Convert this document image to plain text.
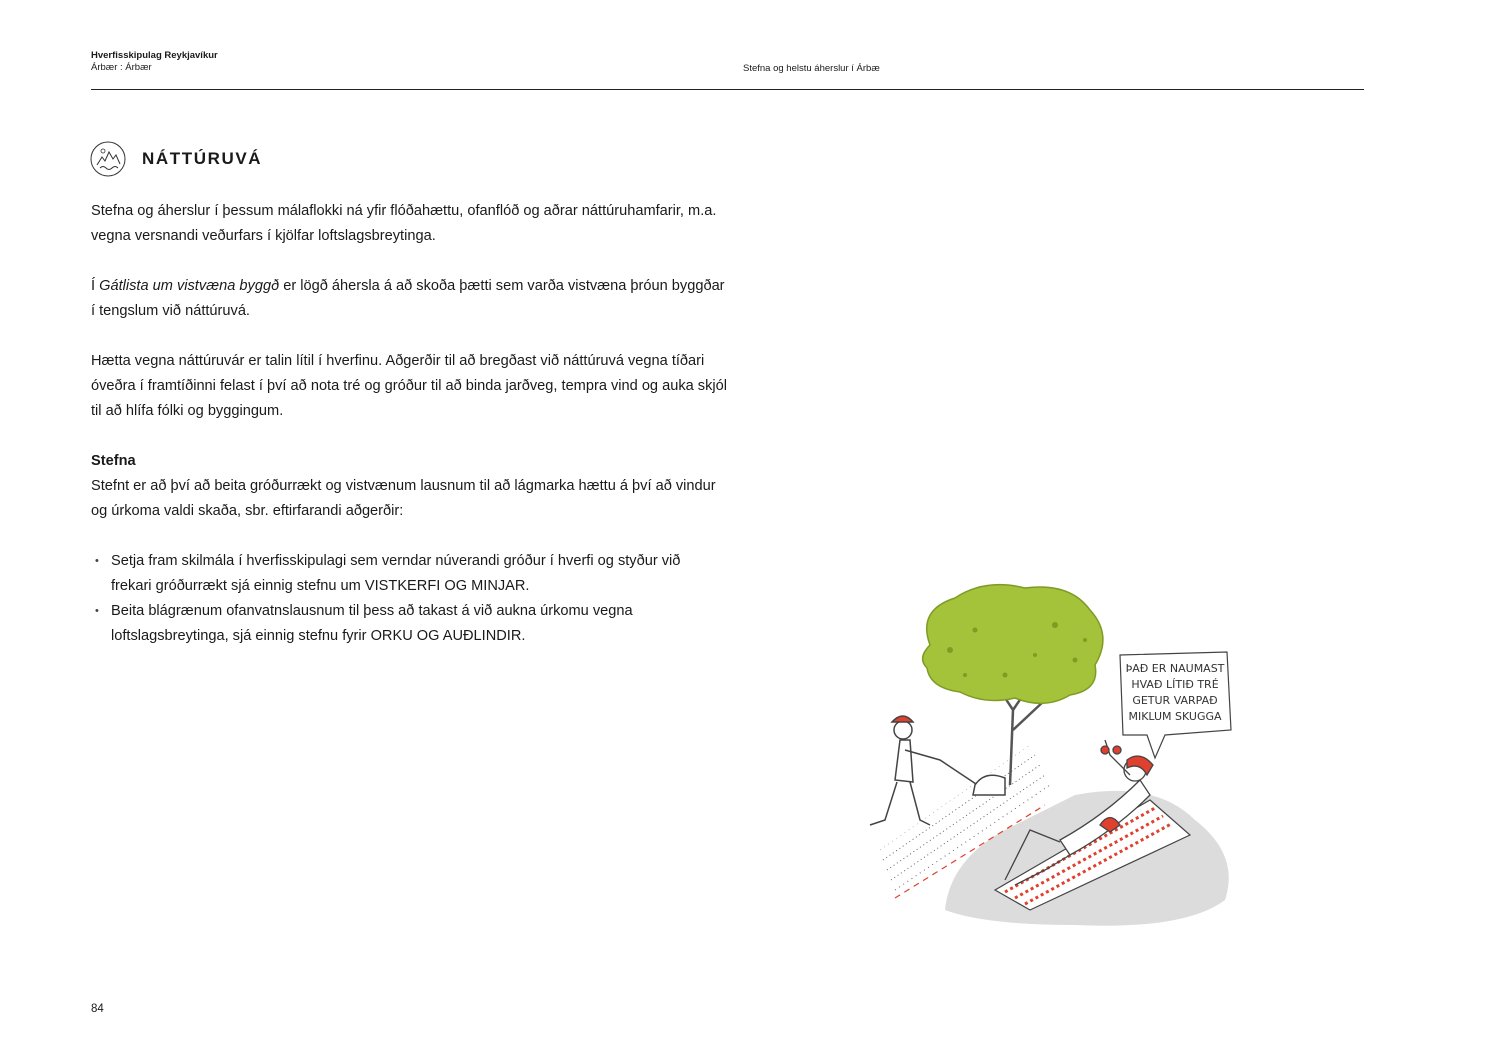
Hverfisskipulag Reykjavíkur
Árbær : Árbær	Stefna og helstu áherslur í Árbæ
NÁTTÚRUVÁ

Stefna og áherslur í þessum málaflokki ná yfir flóðahættu, ofanflóð og aðrar náttúruhamfarir, m.a. vegna versnandi veðurfars í kjölfar loftslagsbreytinga.

Í Gátlista um vistvæna byggð er lögð áhersla á að skoða þætti sem varða vistvæna þróun byggðar í tengslum við náttúruvá.

Hætta vegna náttúruvár er talin lítil í hverfinu. Aðgerðir til að bregðast við náttúruvá vegna tíðari óveðra í framtíðinni felast í því að nota tré og gróður til að binda jarðveg, tempra vind og auka skjól til að hlífa fólki og byggingum.

Stefna

Stefnt er að því að beita gróðurrækt og vistvænum lausnum til að lágmarka hættu á því að vindur og úrkoma valdi skaða, sbr. eftirfarandi aðgerðir:

• Setja fram skilmála í hverfisskipulagi sem verndar núverandi gróður í hverfi og styður við frekari gróðurrækt sjá einnig stefnu um VISTKERFI OG MINJAR.
• Beita blágrænum ofanvatnslausnum til þess að takast á við aukna úrkomu vegna loftslagsbreytinga, sjá einnig stefnu fyrir ORKU OG AUÐLINDIR.
ÞAÐ ER NAUMAST
HVAÐ LÍTIÐ TRÉ
GETUR VARPAÐ
MIKLUM SKUGGA
84
